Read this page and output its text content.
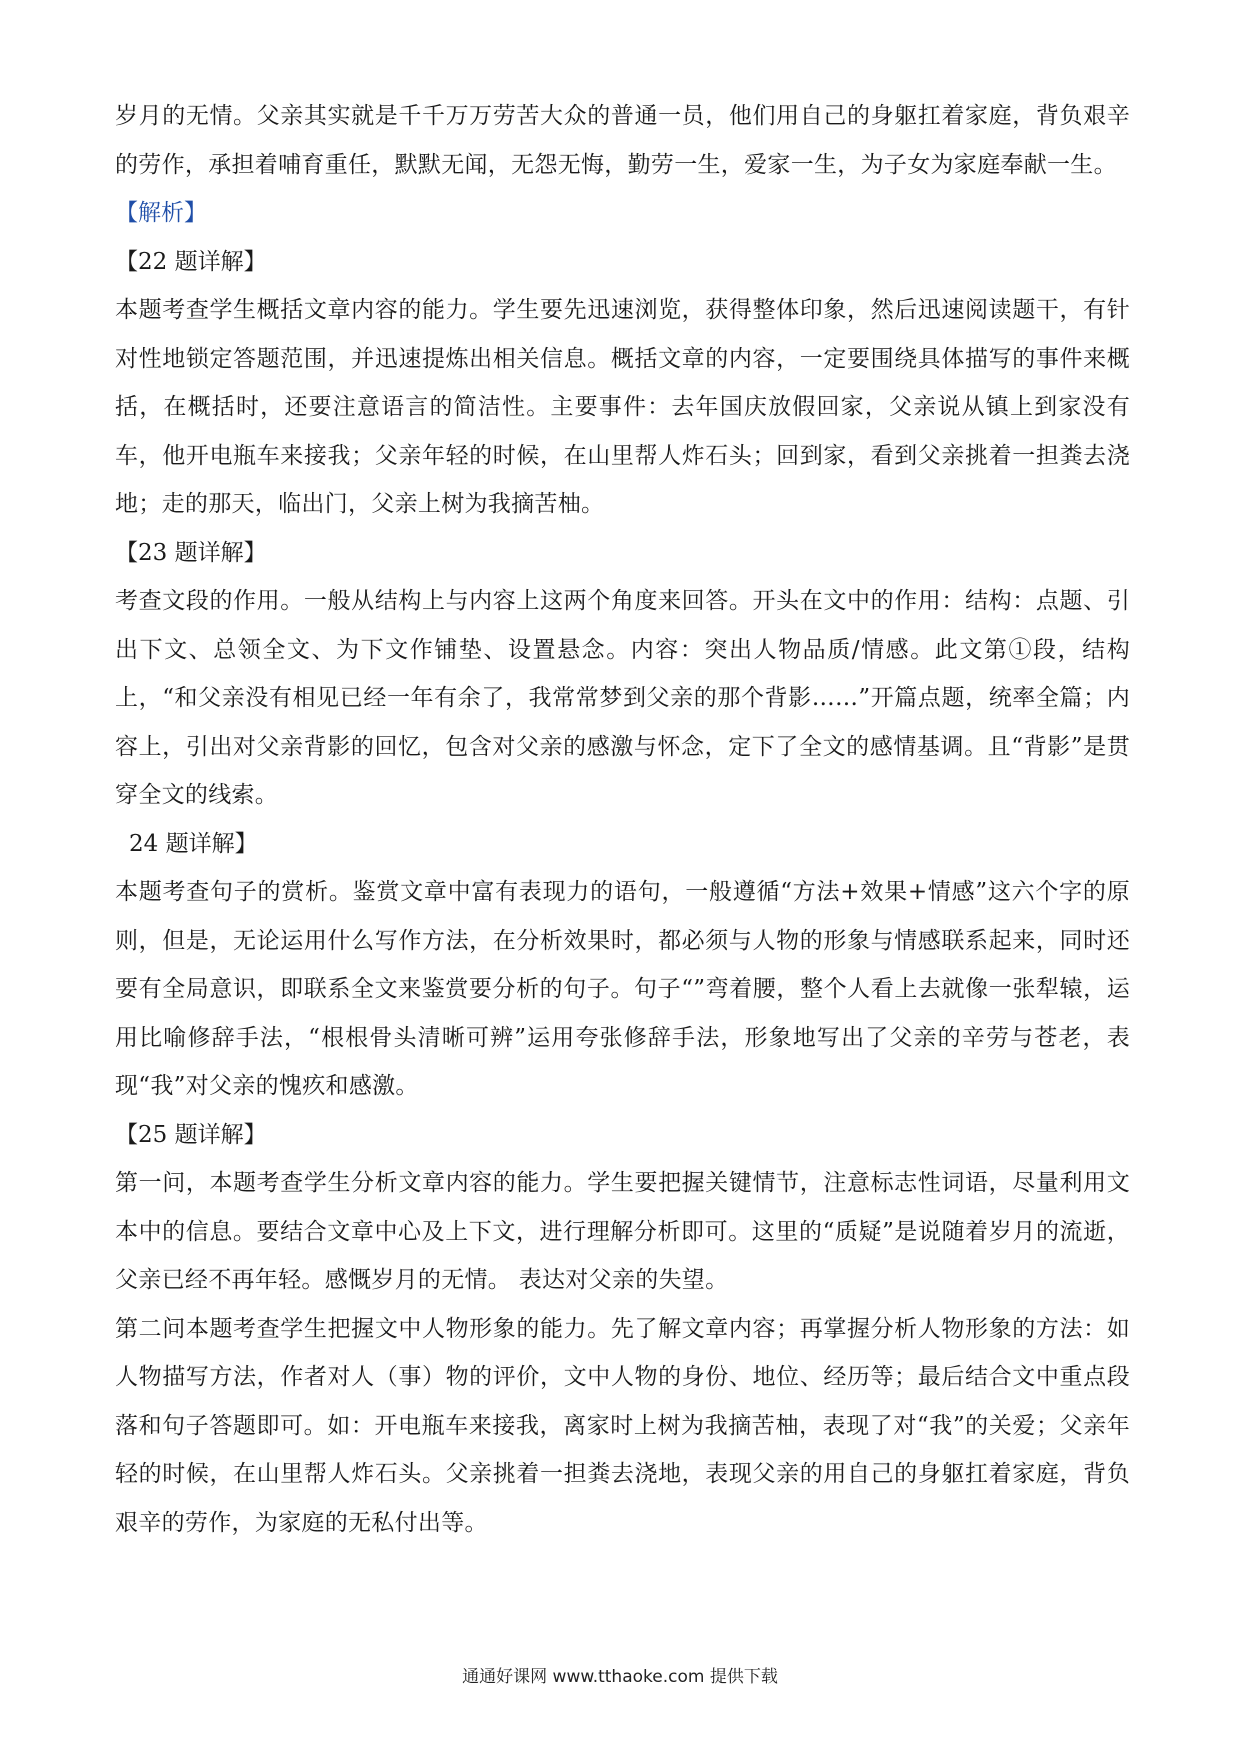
岁月的无情。父亲其实就是千千万万劳苦大众的普通一员，他们用自己的身躯扛着家庭，背负艰辛的劳作，承担着哺育重任，默默无闻，无怨无悔，勤劳一生，爱家一生，为子女为家庭奉献一生。

【解析】

【22 题详解】

本题考查学生概括文章内容的能力。学生要先迅速浏览，获得整体印象，然后迅速阅读题干，有针对性地锁定答题范围，并迅速提炼出相关信息。概括文章的内容，一定要围绕具体描写的事件来概括，在概括时，还要注意语言的简洁性。主要事件：去年国庆放假回家，父亲说从镇上到家没有车，他开电瓶车来接我；父亲年轻的时候，在山里帮人炸石头；回到家，看到父亲挑着一担粪去浇地；走的那天，临出门，父亲上树为我摘苦柚。

【23 题详解】

考查文段的作用。一般从结构上与内容上这两个角度来回答。开头在文中的作用：结构：点题、引出下文、总领全文、为下文作铺垫、设置悬念。内容：突出人物品质/情感。此文第①段，结构上，“和父亲没有相见已经一年有余了，我常常梦到父亲的那个背影……”开篇点题，统率全篇；内容上，引出对父亲背影的回忆，包含对父亲的感激与怀念，定下了全文的感情基调。且“背影”是贯穿全文的线索。

24 题详解】

本题考查句子的赏析。鉴赏文章中富有表现力的语句，一般遵循“方法+效果+情感”这六个字的原则，但是，无论运用什么写作方法，在分析效果时，都必须与人物的形象与情感联系起来，同时还要有全局意识，即联系全文来鉴赏要分析的句子。句子“”弯着腰，整个人看上去就像一张犁辕，运用比喻修辞手法，“根根骨头清晰可辨”运用夸张修辞手法，形象地写出了父亲的辛劳与苍老，表现“我”对父亲的愧疚和感激。

【25 题详解】

第一问，本题考查学生分析文章内容的能力。学生要把握关键情节，注意标志性词语，尽量利用文本中的信息。要结合文章中心及上下文，进行理解分析即可。这里的“质疑”是说随着岁月的流逝，父亲已经不再年轻。感慨岁月的无情。 表达对父亲的失望。

第二问本题考查学生把握文中人物形象的能力。先了解文章内容；再掌握分析人物形象的方法：如人物描写方法，作者对人（事）物的评价，文中人物的身份、地位、经历等；最后结合文中重点段落和句子答题即可。如：开电瓶车来接我，离家时上树为我摘苦柚，表现了对“我”的关爱；父亲年轻的时候，在山里帮人炸石头。父亲挑着一担粪去浇地，表现父亲的用自己的身躯扛着家庭，背负艰辛的劳作，为家庭的无私付出等。

通通好课网 www.tthaoke.com 提供下载
